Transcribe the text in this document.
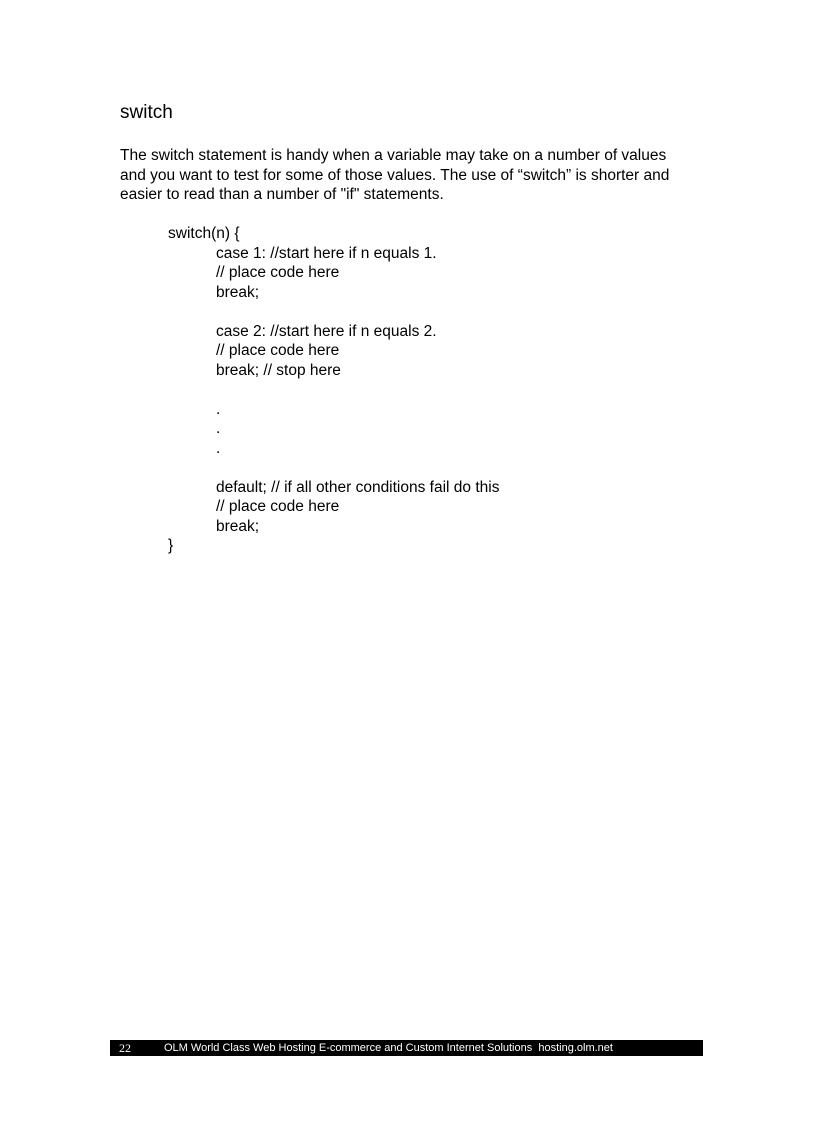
switch

The switch statement is handy when a variable may take on a number of values
and you want to test for some of those values. The use of “switch” is shorter and
easier to read than a number of "if" statements.

switch(n) {
case 1: //start here if n equals 1.
// place code here
break;
case 2: //start here if n equals 2.
// place code here
break; // stop here
.
.
.
default; // if all other conditions fail do this
// place code here
break;
}
22	OLM World Class Web Hosting E-commerce and Custom Internet Solutions  hosting.olm.net
